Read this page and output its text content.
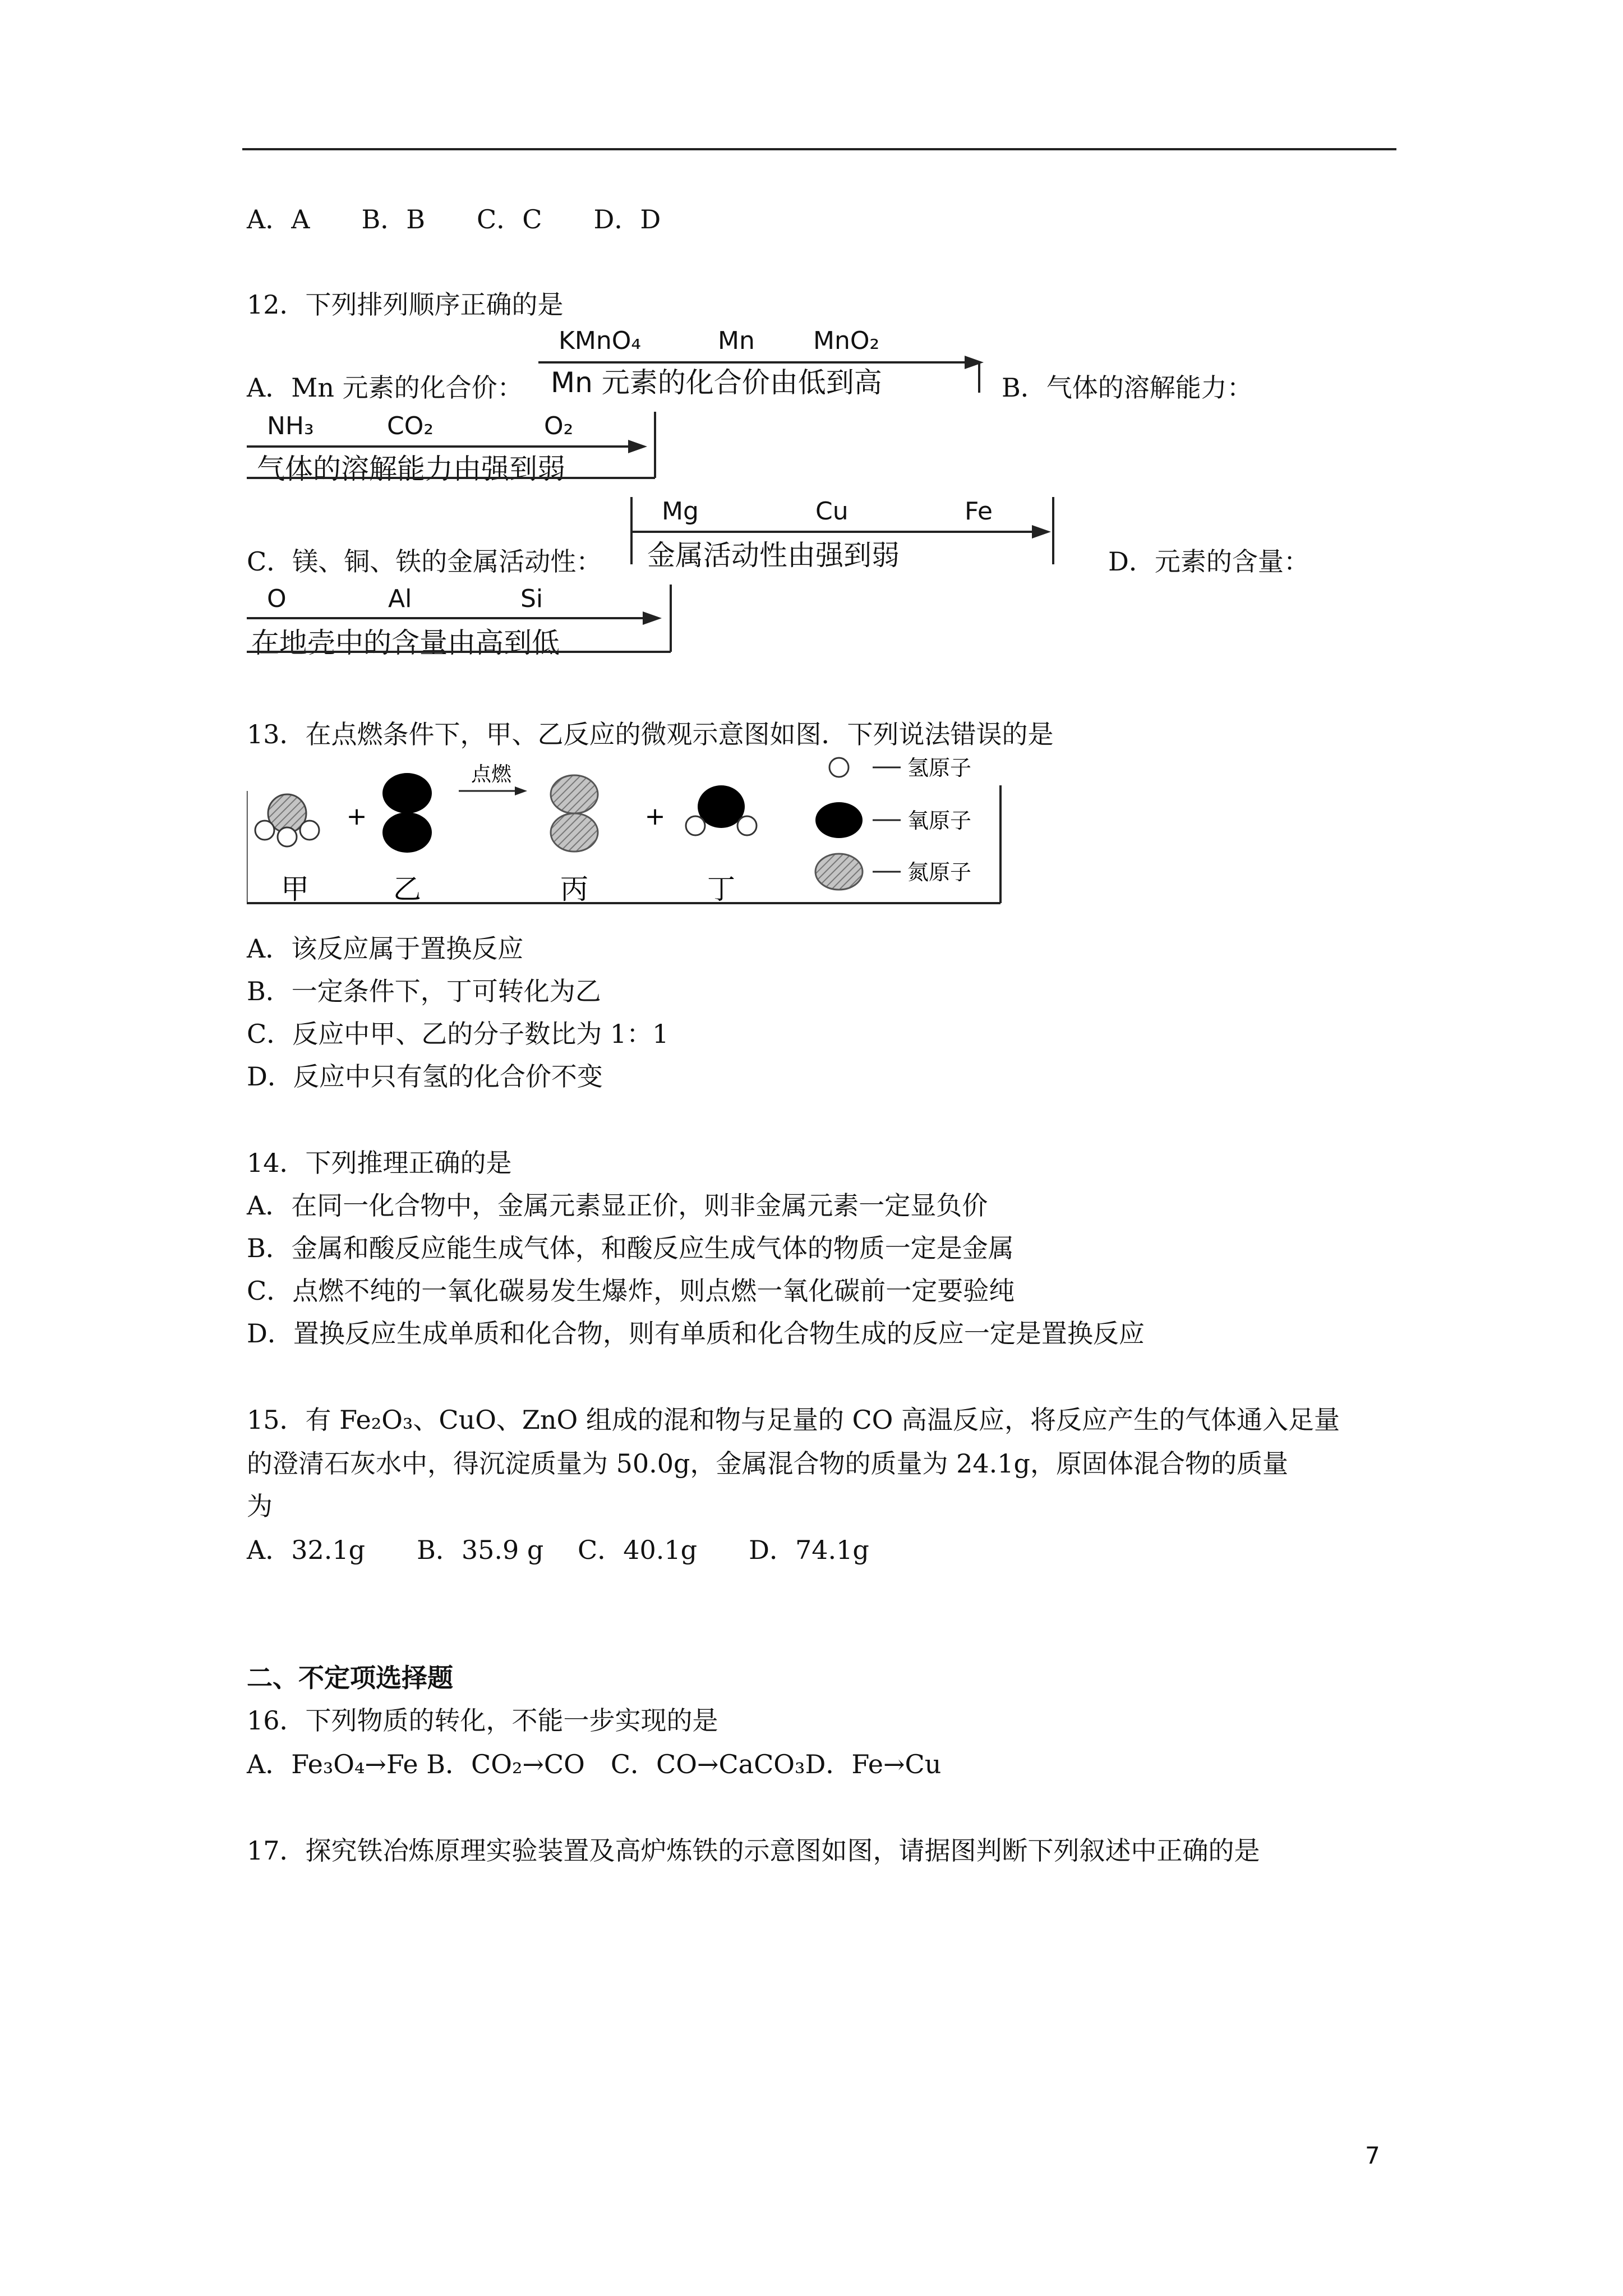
A．A　　B．B　　C．C　　D．D
12．下列排列顺序正确的是
A．Mn 元素的化合价：
KMnO₄	Mn MnO₂
Mn 元素的化合价由低到高	B．气体的溶解能力：
NH₃	CO₂	O₂
气体的溶解能力由强到弱
C．镁、铜、铁的金属活动性：
Mg	Cu	Fe
金属活动性由强到弱	D．元素的含量：
O	Al	Si
在地壳中的含量由高到低
13．在点燃条件下，甲、乙反应的微观示意图如图．下列说法错误的是
+
点燃
+
氢原子
氧原子
氮原子
甲	乙	丙	丁
A．该反应属于置换反应
B．一定条件下，丁可转化为乙
C．反应中甲、乙的分子数比为 1：1
D．反应中只有氢的化合价不变
14．下列推理正确的是
A．在同一化合物中，金属元素显正价，则非金属元素一定显负价
B．金属和酸反应能生成气体，和酸反应生成气体的物质一定是金属
C．点燃不纯的一氧化碳易发生爆炸，则点燃一氧化碳前一定要验纯
D．置换反应生成单质和化合物，则有单质和化合物生成的反应一定是置换反应
15．有 Fe₂O₃、CuO、ZnO 组成的混和物与足量的 CO 高温反应，将反应产生的气体通入足量
的澄清石灰水中，得沉淀质量为 50.0g，金属混合物的质量为 24.1g，原固体混合物的质量
为
A．32.1g　　B．35.9 g　 C．40.1g　　D．74.1g
二、不定项选择题
16．下列物质的转化，不能一步实现的是
A．Fe₃O₄→Fe B．CO₂→CO　C．CO→CaCO₃D．Fe→Cu
17．探究铁冶炼原理实验装置及高炉炼铁的示意图如图，请据图判断下列叙述中正确的是
7
